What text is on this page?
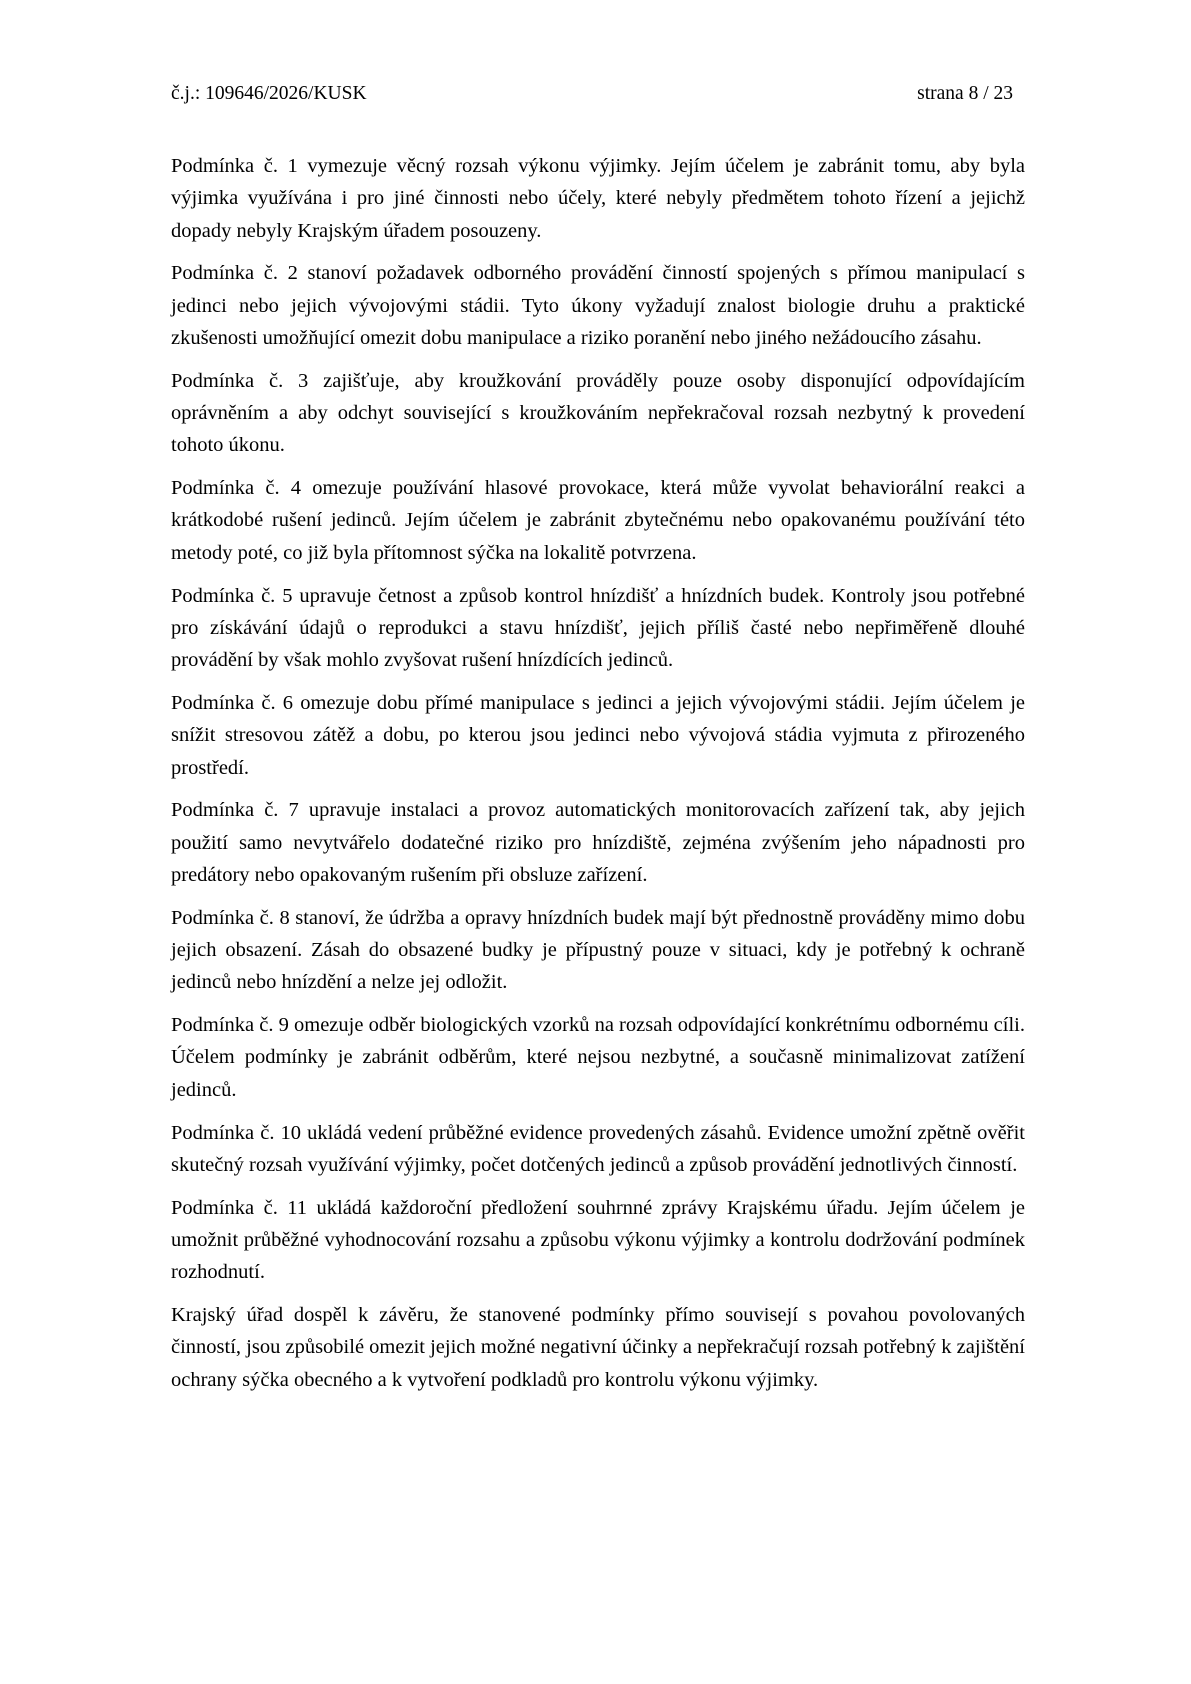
č.j.: 109646/2026/KUSK	strana 8 / 23

Podmínka č. 1 vymezuje věcný rozsah výkonu výjimky. Jejím účelem je zabránit tomu, aby byla výjimka využívána i pro jiné činnosti nebo účely, které nebyly předmětem tohoto řízení a jejichž dopady nebyly Krajským úřadem posouzeny.

Podmínka č. 2 stanoví požadavek odborného provádění činností spojených s přímou manipulací s jedinci nebo jejich vývojovými stádii. Tyto úkony vyžadují znalost biologie druhu a praktické zkušenosti umožňující omezit dobu manipulace a riziko poranění nebo jiného nežádoucího zásahu.

Podmínka č. 3 zajišťuje, aby kroužkování prováděly pouze osoby disponující odpovídajícím oprávněním a aby odchyt související s kroužkováním nepřekračoval rozsah nezbytný k provedení tohoto úkonu.

Podmínka č. 4 omezuje používání hlasové provokace, která může vyvolat behaviorální reakci a krátkodobé rušení jedinců. Jejím účelem je zabránit zbytečnému nebo opakovanému používání této metody poté, co již byla přítomnost sýčka na lokalitě potvrzena.

Podmínka č. 5 upravuje četnost a způsob kontrol hnízdišť a hnízdních budek. Kontroly jsou potřebné pro získávání údajů o reprodukci a stavu hnízdišť, jejich příliš časté nebo nepřiměřeně dlouhé provádění by však mohlo zvyšovat rušení hnízdících jedinců.

Podmínka č. 6 omezuje dobu přímé manipulace s jedinci a jejich vývojovými stádii. Jejím účelem je snížit stresovou zátěž a dobu, po kterou jsou jedinci nebo vývojová stádia vyjmuta z přirozeného prostředí.

Podmínka č. 7 upravuje instalaci a provoz automatických monitorovacích zařízení tak, aby jejich použití samo nevytvářelo dodatečné riziko pro hnízdiště, zejména zvýšením jeho nápadnosti pro predátory nebo opakovaným rušením při obsluze zařízení.

Podmínka č. 8 stanoví, že údržba a opravy hnízdních budek mají být přednostně prováděny mimo dobu jejich obsazení. Zásah do obsazené budky je přípustný pouze v situaci, kdy je potřebný k ochraně jedinců nebo hnízdění a nelze jej odložit.

Podmínka č. 9 omezuje odběr biologických vzorků na rozsah odpovídající konkrétnímu odbornému cíli. Účelem podmínky je zabránit odběrům, které nejsou nezbytné, a současně minimalizovat zatížení jedinců.

Podmínka č. 10 ukládá vedení průběžné evidence provedených zásahů. Evidence umožní zpětně ověřit skutečný rozsah využívání výjimky, počet dotčených jedinců a způsob provádění jednotlivých činností.

Podmínka č. 11 ukládá každoroční předložení souhrnné zprávy Krajskému úřadu. Jejím účelem je umožnit průběžné vyhodnocování rozsahu a způsobu výkonu výjimky a kontrolu dodržování podmínek rozhodnutí.

Krajský úřad dospěl k závěru, že stanovené podmínky přímo souvisejí s povahou povolovaných činností, jsou způsobilé omezit jejich možné negativní účinky a nepřekračují rozsah potřebný k zajištění ochrany sýčka obecného a k vytvoření podkladů pro kontrolu výkonu výjimky.
